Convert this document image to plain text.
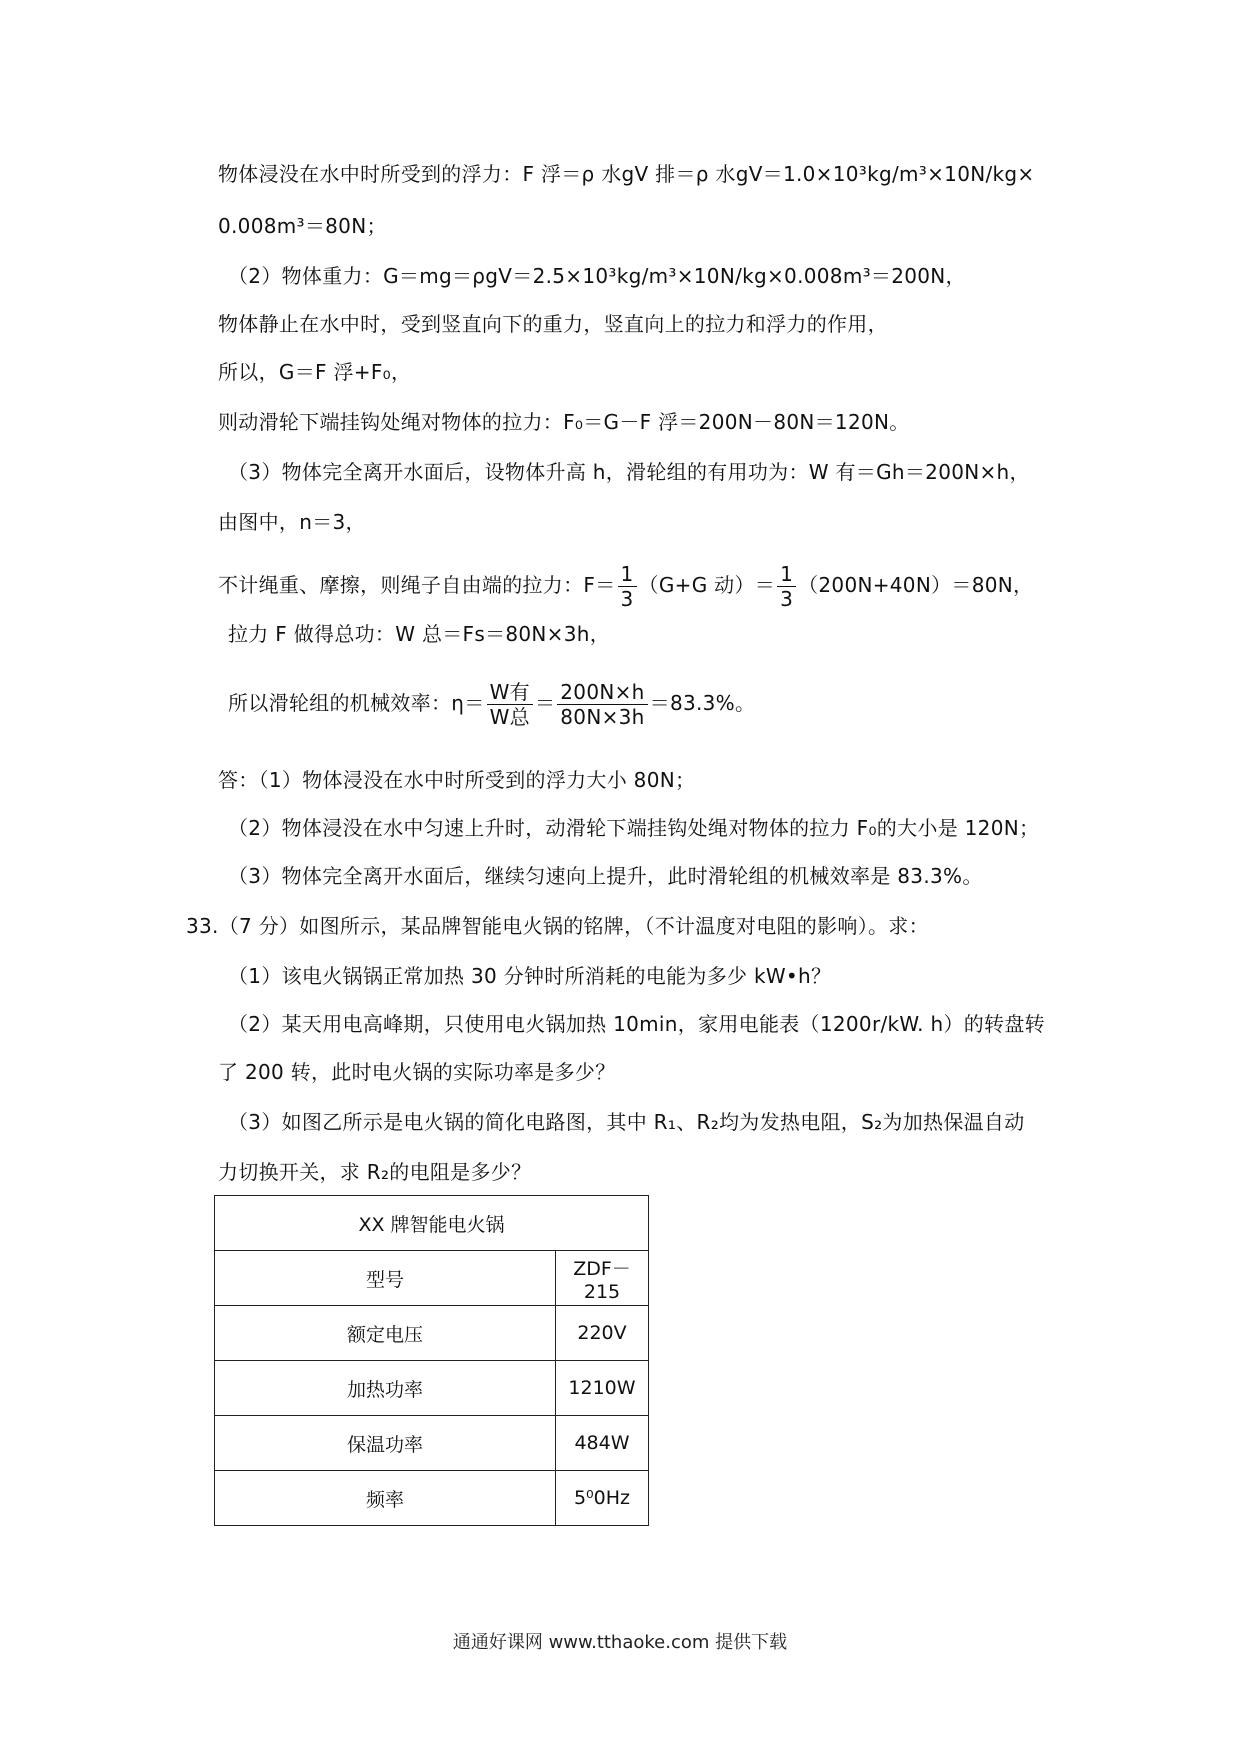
物体浸没在水中时所受到的浮力：F 浮＝ρ 水gV 排＝ρ 水gV＝1.0×10³kg/m³×10N/kg×
0.008m³＝80N；
（2）物体重力：G＝mg＝ρgV＝2.5×10³kg/m³×10N/kg×0.008m³＝200N，
物体静止在水中时，受到竖直向下的重力，竖直向上的拉力和浮力的作用，
所以，G＝F 浮+F₀，
则动滑轮下端挂钩处绳对物体的拉力：F₀＝G－F 浮＝200N－80N＝120N。
（3）物体完全离开水面后，设物体升高 h，滑轮组的有用功为：W 有＝Gh＝200N×h，
由图中，n＝3，
不计绳重、摩擦，则绳子自由端的拉力：$F= \frac{1}{3} (G+G$ 动）＝ $\frac{1}{3} (200N+40N)=80N$，
拉力 F 做得总功：W 总＝Fs＝80N×3h，
所以滑轮组的机械效率：$\eta= \frac{\text{W有}}{\text{W总}} = \frac{200N\times h}{80N\times 3h} =83.3\%$。
答：（1）物体浸没在水中时所受到的浮力大小 80N；
（2）物体浸没在水中匀速上升时，动滑轮下端挂钩处绳对物体的拉力 F₀的大小是 120N；
（3）物体完全离开水面后，继续匀速向上提升，此时滑轮组的机械效率是 83.3%。
33.（7 分）如图所示，某品牌智能电火锅的铭牌，（不计温度对电阻的影响）。求：
（1）该电火锅锅正常加热 30 分钟时所消耗的电能为多少 kW•h？
（2）某天用电高峰期，只使用电火锅加热 10min，家用电能表（1200r/kW. h）的转盘转
了 200 转，此时电火锅的实际功率是多少？
（3）如图乙所示是电火锅的简化电路图，其中 R₁、R₂均为发热电阻，S₂为加热保温自动
力切换开关，求 R₂的电阻是多少？
XX 牌智能电火锅	
型号	ZDF－215
额定电压	220V
加热功率	1210W
保温功率	484W
频率	5⁰0Hz
通通好课网 www.tthaoke.com 提供下载
